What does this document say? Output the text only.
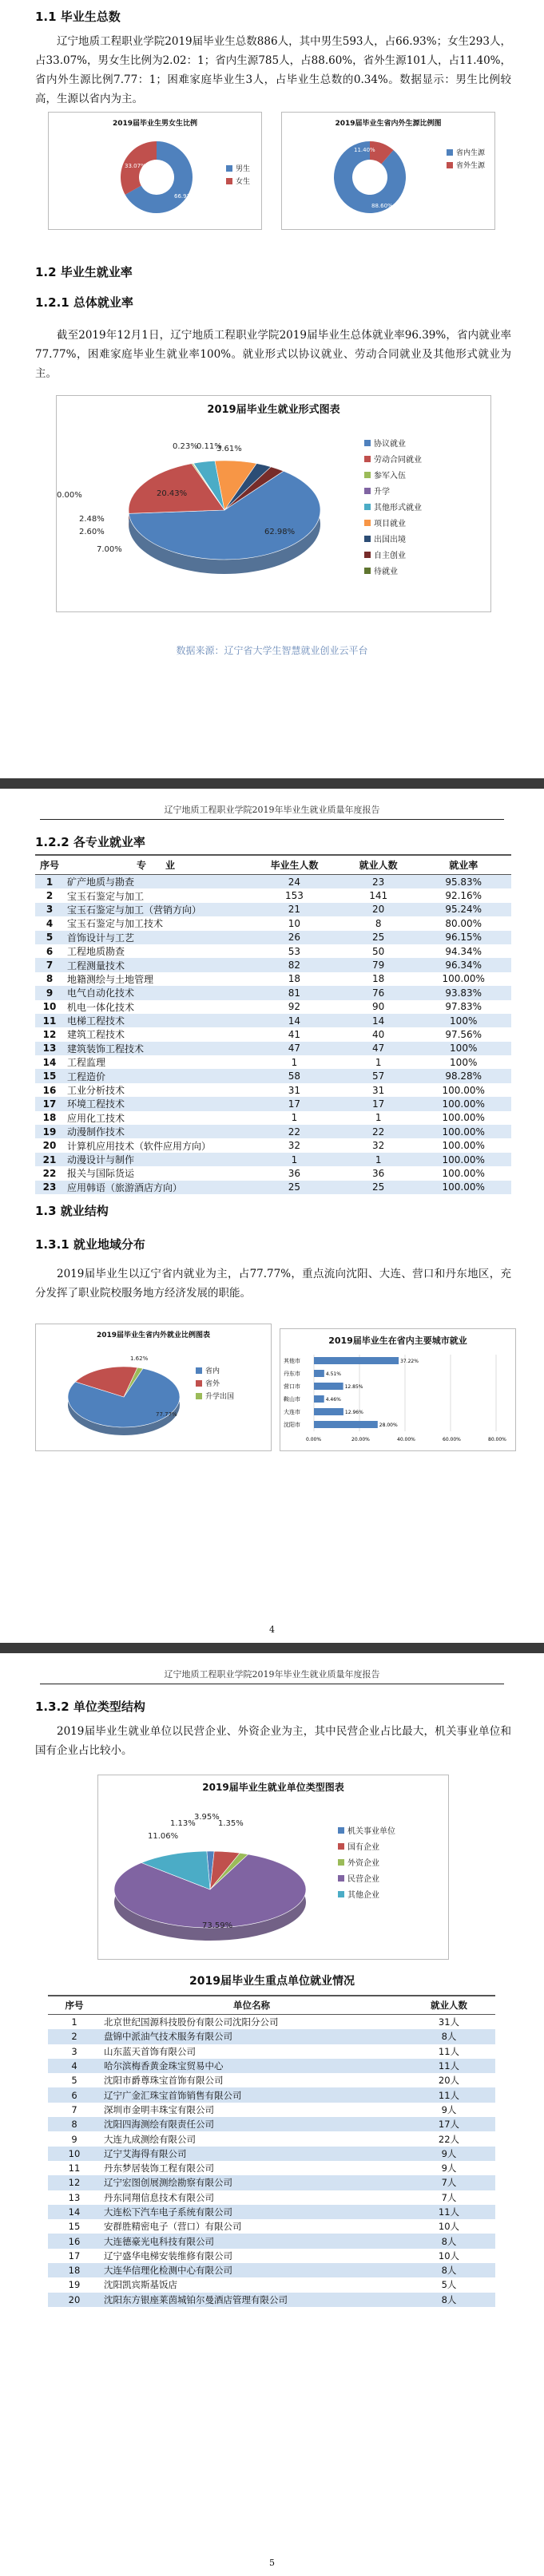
1.1 毕业生总数

辽宁地质工程职业学院2019届毕业生总数886人，其中男生593人，占66.93%；女生293人，占33.07%，男女生比例为2.02：1；省内生源785人，占88.60%，省外生源101人，占11.40%，省内外生源比例7.77：1；困难家庭毕业生3人，占毕业生总数的0.34%。数据显示：男生比例较高，生源以省内为主。

2019届毕业生男女生比例
66.93%
33.07%	男生
女生
2019届毕业生省内外生源比例图
88.60%
11.40%	省内生源
省外生源
1.2 毕业生就业率
1.2.1 总体就业率

截至2019年12月1日，辽宁地质工程职业学院2019届毕业生总体就业率96.39%，省内就业率77.77%，困难家庭毕业生就业率100%。就业形式以协议就业、劳动合同就业及其他形式就业为主。

2019届毕业生就业形式图表
62.98%
20.43%
0.23%
0.11%
3.61%
7.00%
2.60%
2.48%
0.00%
协议就业
劳动合同就业
参军入伍
升学
其他形式就业
项目就业
出国出境
自主创业
待就业
数据来源：辽宁省大学生智慧就业创业云平台
辽宁地质工程职业学院2019年毕业生就业质量年度报告
1.2.2 各专业就业率
序号	专　　业	毕业生人数	就业人数	就业率
1	矿产地质与勘查	24	23	95.83%
2	宝玉石鉴定与加工	153	141	92.16%
3	宝玉石鉴定与加工（营销方向）	21	20	95.24%
4	宝玉石鉴定与加工技术	10	8	80.00%
5	首饰设计与工艺	26	25	96.15%
6	工程地质勘查	53	50	94.34%
7	工程测量技术	82	79	96.34%
8	地籍测绘与土地管理	18	18	100.00%
9	电气自动化技术	81	76	93.83%
10	机电一体化技术	92	90	97.83%
11	电梯工程技术	14	14	100%
12	建筑工程技术	41	40	97.56%
13	建筑装饰工程技术	47	47	100%
14	工程监理	1	1	100%
15	工程造价	58	57	98.28%
16	工业分析技术	31	31	100.00%
17	环境工程技术	17	17	100.00%
18	应用化工技术	1	1	100.00%
19	动漫制作技术	22	22	100.00%
20	计算机应用技术（软件应用方向）	32	32	100.00%
21	动漫设计与制作	1	1	100.00%
22	报关与国际货运	36	36	100.00%
23	应用韩语（旅游酒店方向）	25	25	100.00%
1.3 就业结构
1.3.1 就业地域分布

2019届毕业生以辽宁省内就业为主，占77.77%，重点流向沈阳、大连、营口和丹东地区，充分发挥了职业院校服务地方经济发展的职能。

2019届毕业生省内外就业比例图表
77.77%
1.62%
省内
省外
升学出国
2019届毕业生在省内主要城市就业
0.00%	20.00%	40.00%	60.00%	80.00%
其他市	37.22%
丹东市	4.51%
营口市	12.85%
鞍山市	4.46%
大连市	12.96%
沈阳市	28.00%
4
辽宁地质工程职业学院2019年毕业生就业质量年度报告
1.3.2 单位类型结构

2019届毕业生就业单位以民营企业、外资企业为主，其中民营企业占比最大，机关事业单位和国有企业占比较小。

2019届毕业生就业单位类型图表
1.13%
3.95%
1.35%
73.59%
11.06%
机关事业单位
国有企业
外资企业
民营企业
其他企业
2019届毕业生重点单位就业情况
序号	单位名称	就业人数
1	北京世纪国源科技股份有限公司沈阳分公司	31人
2	盘锦中派油气技术服务有限公司	8人
3	山东蓝天首饰有限公司	11人
4	哈尔滨梅香黄金珠宝贸易中心	11人
5	沈阳市爵尊珠宝首饰有限公司	20人
6	辽宁广金汇珠宝首饰销售有限公司	11人
7	深圳市金明丰珠宝有限公司	9人
8	沈阳四海测绘有限责任公司	17人
9	大连九成测绘有限公司	22人
10	辽宁艾海得有限公司	9人
11	丹东梦居装饰工程有限公司	9人
12	辽宁宏图创展测绘勘察有限公司	7人
13	丹东同翔信息技术有限公司	7人
14	大连松下汽车电子系统有限公司	11人
15	安群胜精密电子（营口）有限公司	10人
16	大连德豪光电科技有限公司	8人
17	辽宁盛华电梯安装维修有限公司	10人
18	大连华信理化检测中心有限公司	8人
19	沈阳凯宾斯基饭店	5人
20	沈阳东方银座莱茵城铂尔曼酒店管理有限公司	8人
5
